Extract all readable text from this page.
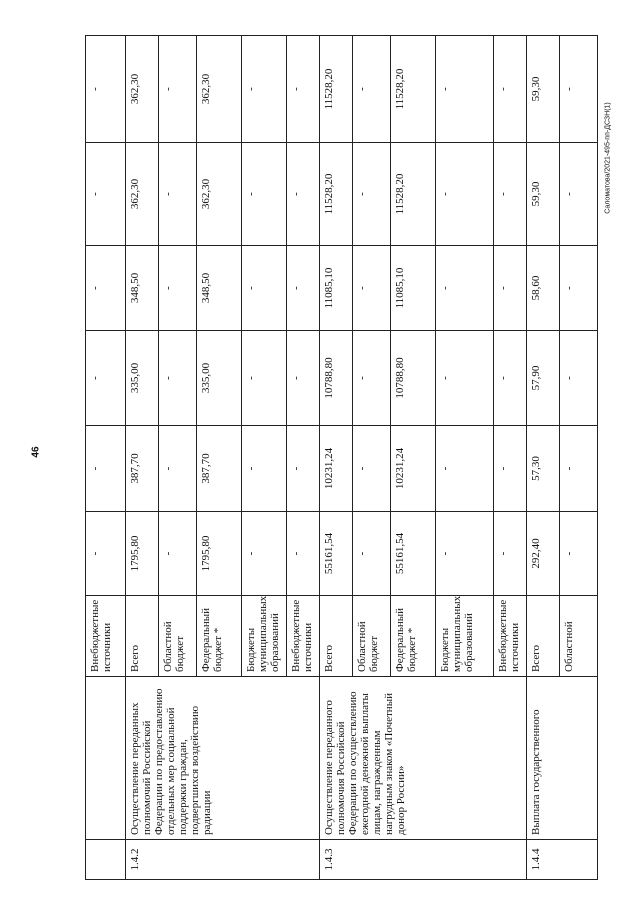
46
Саломатова/2021-495-пп-ДСЗН(1)
		Внебюджетные источники	-	-	-	-	-	-
1.4.2	Осуществление переданных полномочий Российской Федерации по предоставлению отдельных мер социальной поддержки граждан, подвергшихся воздействию радиации	Всего	1795,80	387,70	335,00	348,50	362,30	362,30
		Областной бюджет	-	-	-	-	-	-
		Федеральный бюджет *	1795,80	387,70	335,00	348,50	362,30	362,30
		Бюджеты муниципальных образований	-	-	-	-	-	-
		Внебюджетные источники	-	-	-	-	-	-
1.4.3	Осуществление переданного полномочия Российской Федерации по осуществлению ежегодной денежной выплаты лицам, награжденным нагрудным знаком «Почетный донор России»	Всего	55161,54	10231,24	10788,80	11085,10	11528,20	11528,20
		Областной бюджет	-	-	-	-	-	-
		Федеральный бюджет *	55161,54	10231,24	10788,80	11085,10	11528,20	11528,20
		Бюджеты муниципальных образований	-	-	-	-	-	-
		Внебюджетные источники	-	-	-	-	-	-
1.4.4	Выплата государственного	Всего	292,40	57,30	57,90	58,60	59,30	59,30
		Областной	-	-	-	-	-	-
